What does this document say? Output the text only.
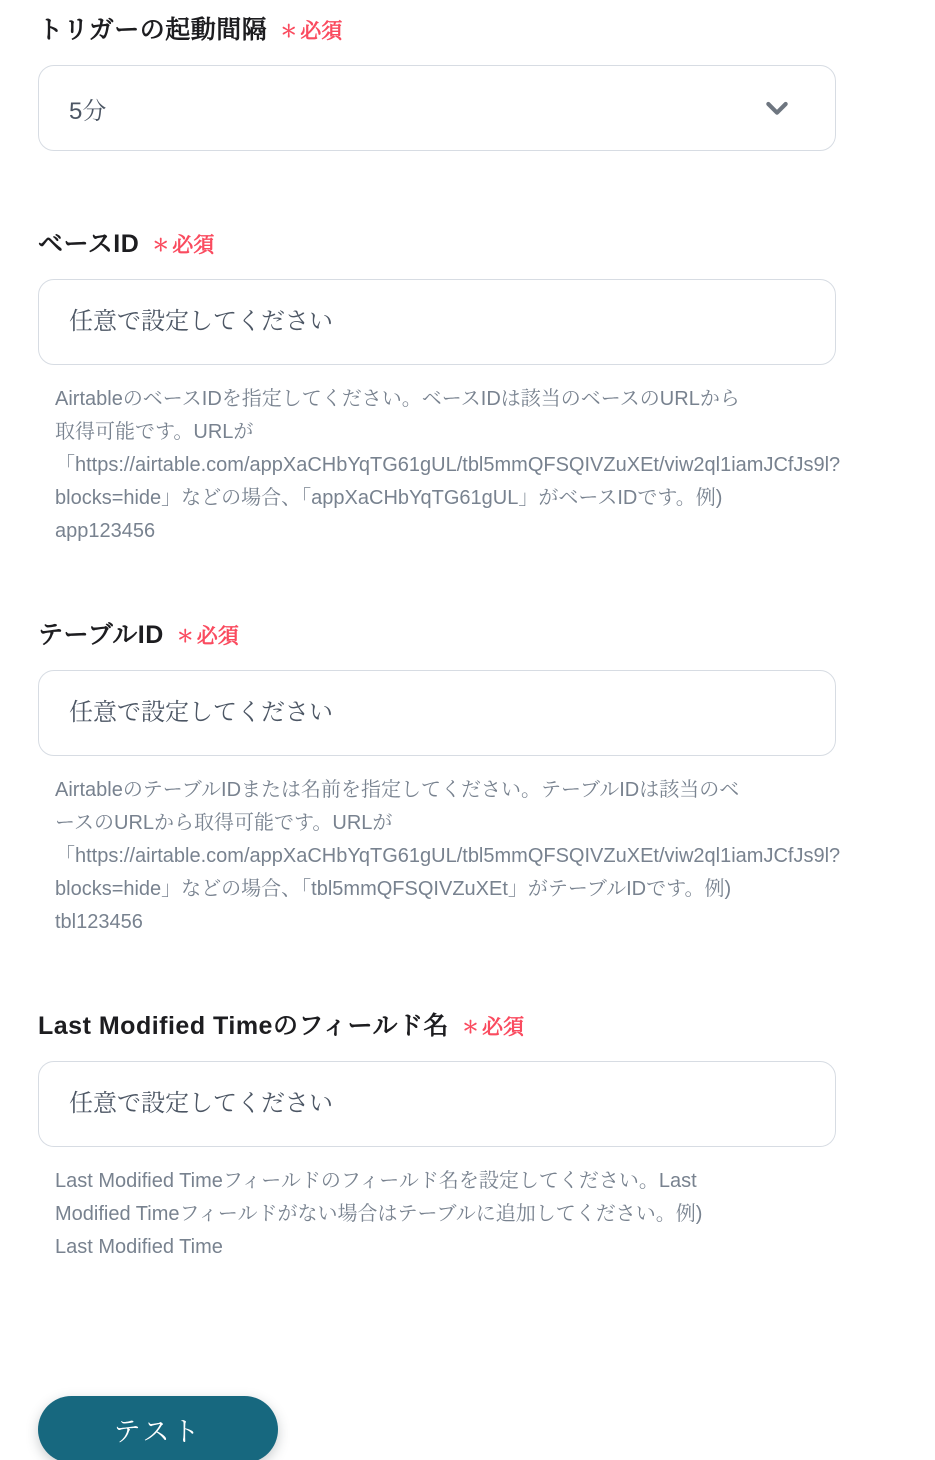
トリガーの起動間隔 ＊ 必須
5分
ベースID ＊ 必須
任意で設定してください
AirtableのベースIDを指定してください。ベースIDは該当のベースのURLから
取得可能です。URLが
「https://airtable.com/appXaCHbYqTG61gUL/tbl5mmQFSQIVZuXEt/viw2ql1iamJCfJs9l?
blocks=hide」などの場合、「appXaCHbYqTG61gUL」がベースIDです。例)
app123456
テーブルID ＊ 必須
任意で設定してください
AirtableのテーブルIDまたは名前を指定してください。テーブルIDは該当のベ
ースのURLから取得可能です。URLが
「https://airtable.com/appXaCHbYqTG61gUL/tbl5mmQFSQIVZuXEt/viw2ql1iamJCfJs9l?
blocks=hide」などの場合、「tbl5mmQFSQIVZuXEt」がテーブルIDです。例)
tbl123456
Last Modified Timeのフィールド名 ＊ 必須
任意で設定してください
Last Modified Timeフィールドのフィールド名を設定してください。Last
Modified Timeフィールドがない場合はテーブルに追加してください。例)
Last Modified Time
テスト
